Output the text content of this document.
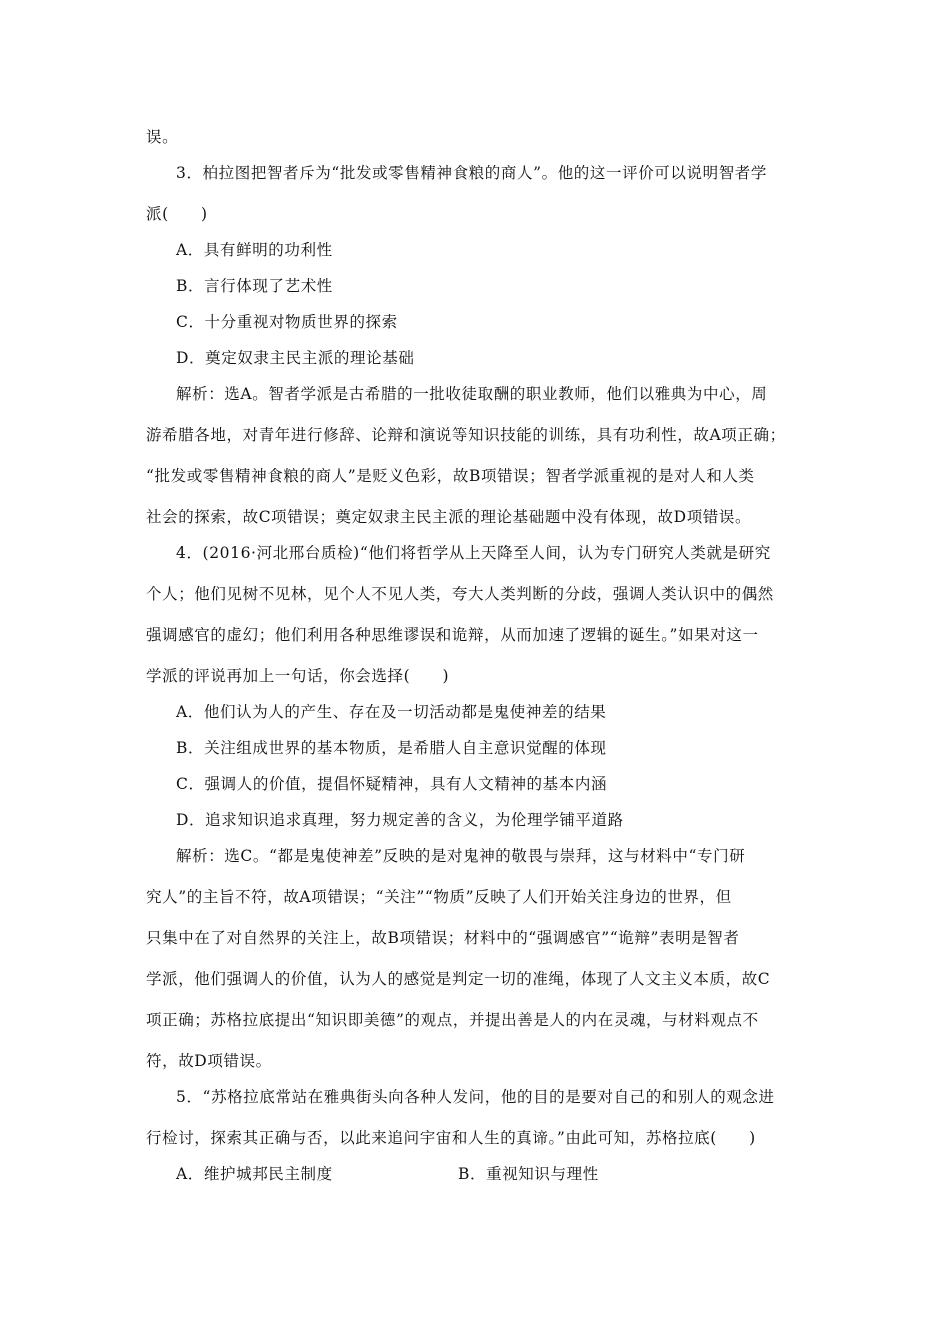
误。
3．柏拉图把智者斥为“批发或零售精神食粮的商人”。他的这一评价可以说明智者学
派(　　)
A．具有鲜明的功利性
B．言行体现了艺术性
C．十分重视对物质世界的探索
D．奠定奴隶主民主派的理论基础
解析：选A。智者学派是古希腊的一批收徒取酬的职业教师，他们以雅典为中心，周
游希腊各地，对青年进行修辞、论辩和演说等知识技能的训练，具有功利性，故A项正确；
“批发或零售精神食粮的商人”是贬义色彩，故B项错误；智者学派重视的是对人和人类
社会的探索，故C项错误；奠定奴隶主民主派的理论基础题中没有体现，故D项错误。
4．(2016·河北邢台质检)“他们将哲学从上天降至人间，认为专门研究人类就是研究
个人；他们见树不见林，见个人不见人类，夸大人类判断的分歧，强调人类认识中的偶然
强调感官的虚幻；他们利用各种思维谬误和诡辩，从而加速了逻辑的诞生。”如果对这一
学派的评说再加上一句话，你会选择(　　)
A．他们认为人的产生、存在及一切活动都是鬼使神差的结果
B．关注组成世界的基本物质，是希腊人自主意识觉醒的体现
C．强调人的价值，提倡怀疑精神，具有人文精神的基本内涵
D．追求知识追求真理，努力规定善的含义，为伦理学铺平道路
解析：选C。“都是鬼使神差”反映的是对鬼神的敬畏与崇拜，这与材料中“专门研
究人”的主旨不符，故A项错误；“关注”“物质”反映了人们开始关注身边的世界，但
只集中在了对自然界的关注上，故B项错误；材料中的“强调感官”“诡辩”表明是智者
学派，他们强调人的价值，认为人的感觉是判定一切的准绳，体现了人文主义本质，故C
项正确；苏格拉底提出“知识即美德”的观点，并提出善是人的内在灵魂，与材料观点不
符，故D项错误。
5．“苏格拉底常站在雅典街头向各种人发问，他的目的是要对自己的和别人的观念进
行检讨，探索其正确与否，以此来追问宇宙和人生的真谛。”由此可知，苏格拉底(　　)
A．维护城邦民主制度	B．重视知识与理性
